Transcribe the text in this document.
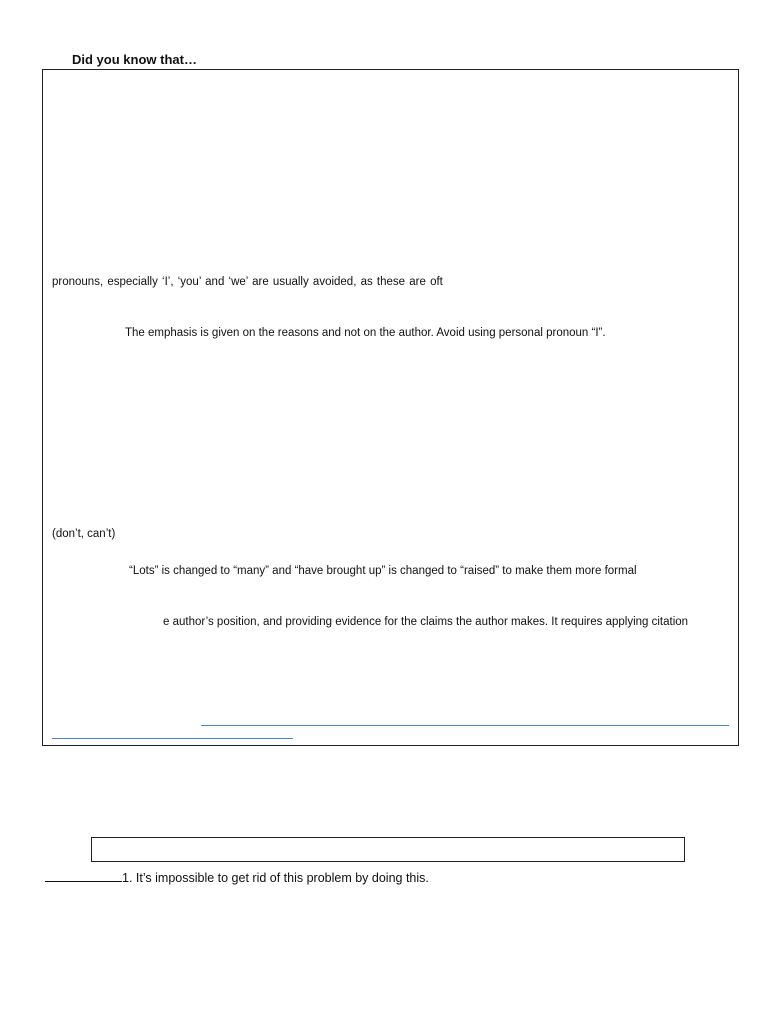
Did you know that…
pronouns, especially ‘I’, ‘you’ and ‘we’ are usually avoided, as these are oft
The emphasis is given on the reasons and not on the author. Avoid using personal pronoun “I”.
(don’t, can’t)
“Lots” is changed to “many” and “have brought up” is changed to “raised” to make them more formal
e author’s position, and providing evidence for the claims the author makes. It requires applying citation
1. It’s impossible to get rid of this problem by doing this.
